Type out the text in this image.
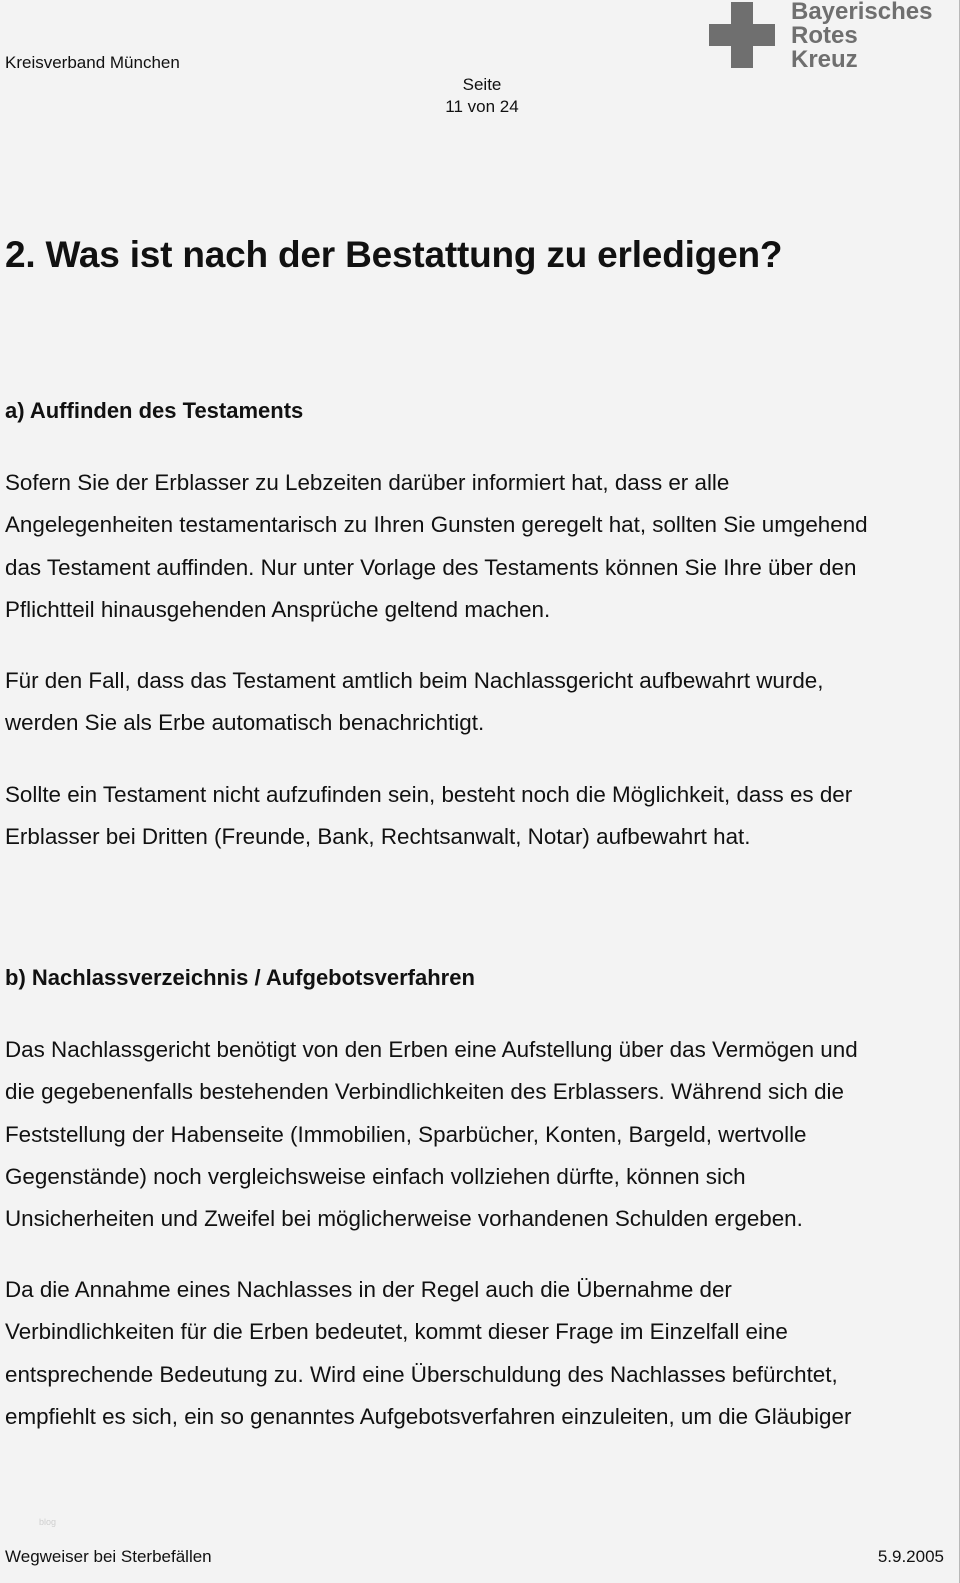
Kreisverband München
Seite
11 von 24
Bayerisches
Rotes
Kreuz
2. Was ist nach der Bestattung zu erledigen?
a) Auffinden des Testaments
Sofern Sie der Erblasser zu Lebzeiten darüber informiert hat, dass er alle
Angelegenheiten testamentarisch zu Ihren Gunsten geregelt hat, sollten Sie umgehend
das Testament auffinden. Nur unter Vorlage des Testaments können Sie Ihre über den
Pflichtteil hinausgehenden Ansprüche geltend machen.
Für den Fall, dass das Testament amtlich beim Nachlassgericht aufbewahrt wurde,
werden Sie als Erbe automatisch benachrichtigt.
Sollte ein Testament nicht aufzufinden sein, besteht noch die Möglichkeit, dass es der
Erblasser bei Dritten (Freunde, Bank, Rechtsanwalt, Notar) aufbewahrt hat.
b) Nachlassverzeichnis / Aufgebotsverfahren
Das Nachlassgericht benötigt von den Erben eine Aufstellung über das Vermögen und
die gegebenenfalls bestehenden Verbindlichkeiten des Erblassers. Während sich die
Feststellung der Habenseite (Immobilien, Sparbücher, Konten, Bargeld, wertvolle
Gegenstände) noch vergleichsweise einfach vollziehen dürfte, können sich
Unsicherheiten und Zweifel bei möglicherweise vorhandenen Schulden ergeben.
Da die Annahme eines Nachlasses in der Regel auch die Übernahme der
Verbindlichkeiten für die Erben bedeutet, kommt dieser Frage im Einzelfall eine
entsprechende Bedeutung zu. Wird eine Überschuldung des Nachlasses befürchtet,
empfiehlt es sich, ein so genanntes Aufgebotsverfahren einzuleiten, um die Gläubiger
blog
Wegweiser bei Sterbefällen	5.9.2005
